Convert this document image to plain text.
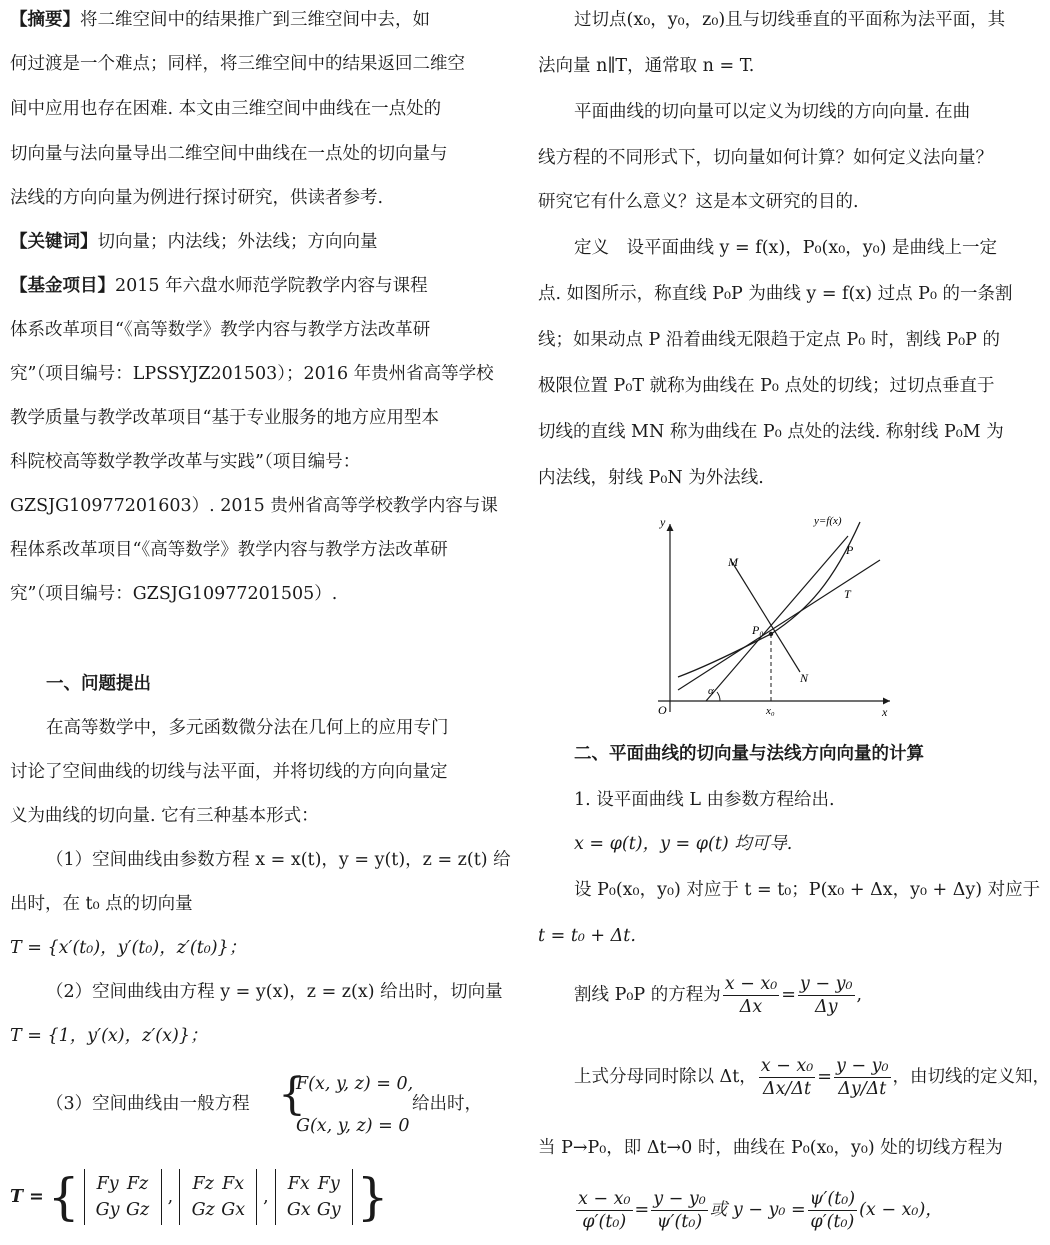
【摘要】将二维空间中的结果推广到三维空间中去，如
何过渡是一个难点；同样，将三维空间中的结果返回二维空
间中应用也存在困难. 本文由三维空间中曲线在一点处的
切向量与法向量导出二维空间中曲线在一点处的切向量与
法线的方向向量为例进行探讨研究，供读者参考.
【关键词】切向量；内法线；外法线；方向向量
【基金项目】2015 年六盘水师范学院教学内容与课程
体系改革项目“《高等数学》教学内容与教学方法改革研
究”（项目编号：LPSSYJZ201503）；2016 年贵州省高等学校
教学质量与教学改革项目“基于专业服务的地方应用型本
科院校高等数学教学改革与实践”（项目编号：
GZSJG10977201603）. 2015 贵州省高等学校教学内容与课
程体系改革项目“《高等数学》教学内容与教学方法改革研
究”（项目编号：GZSJG10977201505）.
一、问题提出
在高等数学中，多元函数微分法在几何上的应用专门
讨论了空间曲线的切线与法平面，并将切线的方向向量定
义为曲线的切向量. 它有三种基本形式：
（1）空间曲线由参数方程 x = x(t)，y = y(t)，z = z(t) 给
出时，在 t₀ 点的切向量
T = {x′(t₀)，y′(t₀)，z′(t₀)}；
（2）空间曲线由方程 y = y(x)，z = z(x) 给出时，切向量
T = {1，y′(x)，z′(x)}；
（3）空间曲线由一般方程 {
F(x, y, z) = 0,
G(x, y, z) = 0
给出时，
T = { Fy Fz
Gy Gz
,
Fz Fx
Gz Gx
,
Fx Fy
Gx Gy }
过切点(x₀，y₀，z₀)且与切线垂直的平面称为法平面，其
法向量 n∥T，通常取 n = T.
平面曲线的切向量可以定义为切线的方向向量. 在曲
线方程的不同形式下，切向量如何计算？如何定义法向量？
研究它有什么意义？这是本文研究的目的.
定义　设平面曲线 y = f(x)，P₀(x₀，y₀) 是曲线上一定
点. 如图所示，称直线 P₀P 为曲线 y = f(x) 过点 P₀ 的一条割
线；如果动点 P 沿着曲线无限趋于定点 P₀ 时，割线 P₀P 的
极限位置 P₀T 就称为曲线在 P₀ 点处的切线；过切点垂直于
切线的直线 MN 称为曲线在 P₀ 点处的法线. 称射线 P₀M 为
内法线，射线 P₀N 为外法线.
二、平面曲线的切向量与法线方向向量的计算
1. 设平面曲线 L 由参数方程给出.
x = φ(t)，y = φ(t) 均可导.
设 P₀(x₀，y₀) 对应于 t = t₀；P(x₀ + Δx，y₀ + Δy) 对应于
t = t₀ + Δt.
割线 P₀P 的方程为 $\frac{\text{x − x₀}}{\Delta x} = \frac{\text{y − y₀}}{\Delta y}$ ,
上式分母同时除以 Δt， $\frac{\text{x − x₀}}{\Delta x/\Delta t} = \frac{\text{y − y₀}}{\Delta y/\Delta t}$ ，由切线的定义知，
当 P→P₀，即 Δt→0 时，曲线在 P₀(x₀，y₀) 处的切线方程为
$\frac{\text{x − x₀}}{\text{φ′(t₀)}} = \frac{\text{y − y₀}}{\text{ψ′(t₀)}}$ 或 $y - y_0 = \frac{\text{ψ′(t₀)}}{\text{φ′(t₀)}} (x - x_0)$，
y
x
O
y=f(x)
P
T
M
N
P₀
α
x₀
